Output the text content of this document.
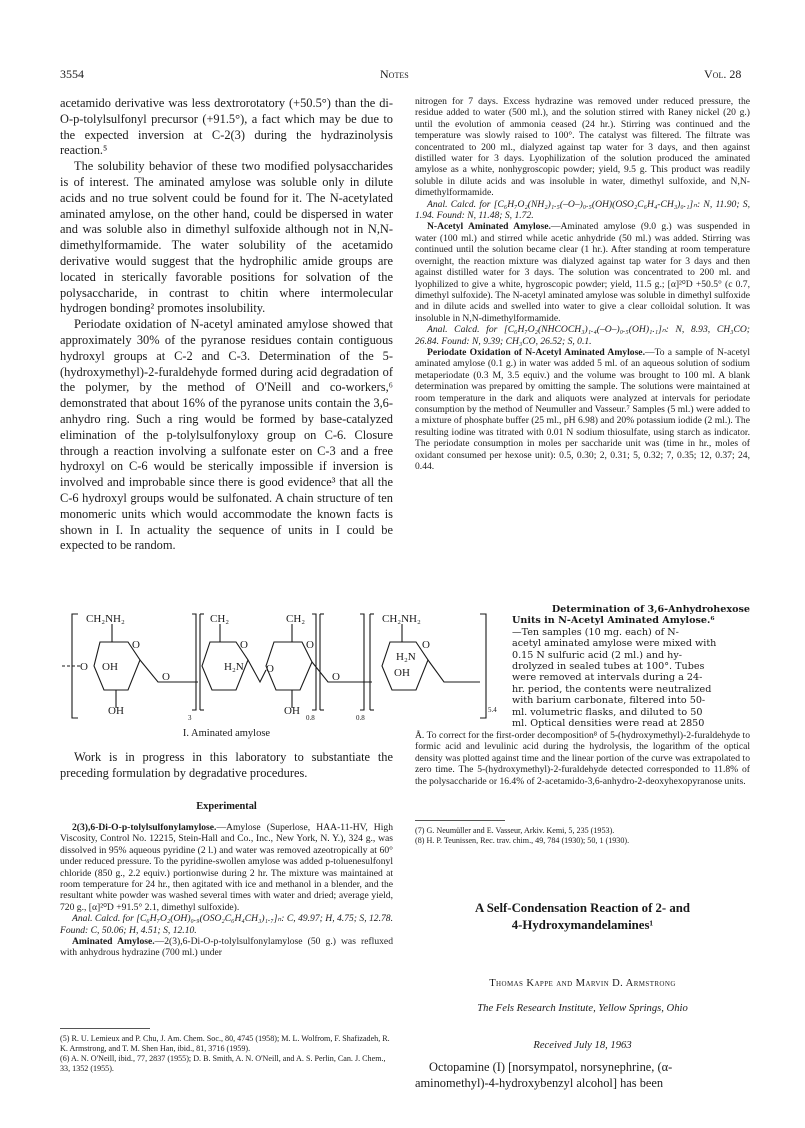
3554	Notes	Vol. 28

acetamido derivative was less dextrorotatory (+50.5°) than the di-O-p-tolylsulfonyl precursor (+91.5°), a fact which may be due to the expected inversion at C-2(3) during the hydrazinolysis reaction.⁵

The solubility behavior of these two modified polysaccharides is of interest. The aminated amylose was soluble only in dilute acids and no true solvent could be found for it. The N-acetylated aminated amylose, on the other hand, could be dispersed in water and was soluble also in dimethyl sulfoxide although not in N,N-dimethylformamide. The water solubility of the acetamido derivative would suggest that the hydrophilic amide groups are located in sterically favorable positions for solvation of the polysaccharide, in contrast to chitin where intermolecular hydrogen bonding² promotes insolubility.

Periodate oxidation of N-acetyl aminated amylose showed that approximately 30% of the pyranose residues contain contiguous hydroxyl groups at C-2 and C-3. Determination of the 5-(hydroxymethyl)-2-furaldehyde formed during acid degradation of the polymer, by the method of O'Neill and co-workers,⁶ demonstrated that about 16% of the pyranose units contain the 3,6-anhydro ring. Such a ring would be formed by base-catalyzed elimination of the p-tolylsulfonyloxy group on C-6. Closure through a reaction involving a sulfonate ester on C-3 and a free hydroxyl on C-6 would be sterically impossible if inversion is involved and improbable since there is good evidence³ that all the C-6 hydroxyl groups would be sulfonated. A chain structure of ten monomeric units which would accommodate the known facts is shown in I. In actuality the sequence of units in I could be expected to be random.

CH₂NH₂	CH₂	CH₂	CH₂NH₂
O	O	O	O
O OH	H₂N O
H₂N
OH
O	O
OH	OH
3	0.8	0.8
5.4
I. Aminated amylose

Work is in progress in this laboratory to substantiate the preceding formulation by degradative procedures.

Experimental

2(3),6-Di-O-p-tolylsulfonylamylose.—Amylose (Superlose, HAA-11-HV, High Viscosity, Control No. 12215, Stein-Hall and Co., Inc., New York, N. Y.), 324 g., was dissolved in 95% aqueous pyridine (2 l.) and water was removed azeotropically at 60° under reduced pressure. To the pyridine-swollen amylose was added p-toluenesulfonyl chloride (850 g., 2.2 equiv.) portionwise during 2 hr. The mixture was maintained at room temperature for 24 hr., then agitated with ice and methanol in a blender, and the resultant white powder was washed several times with water and dried; average yield, 720 g., [α]²⁰D +91.5° 2.1, dimethyl sulfoxide).

Anal. Calcd. for [C₆H₇O₂(OH)₀.₉(OSO₂C₆H₄CH₃)₁.₇]ₙ: C, 49.97; H, 4.75; S, 12.78. Found: C, 50.06; H, 4.51; S, 12.10.

Aminated Amylose.—2(3),6-Di-O-p-tolylsulfonylamylose (50 g.) was refluxed with anhydrous hydrazine (700 ml.) under

(5) R. U. Lemieux and P. Chu, J. Am. Chem. Soc., 80, 4745 (1958); M. L. Wolfrom, F. Shafizadeh, R. K. Armstrong, and T. M. Shen Han, ibid., 81, 3716 (1959).

(6) A. N. O'Neill, ibid., 77, 2837 (1955); D. B. Smith, A. N. O'Neill, and A. S. Perlin, Can. J. Chem., 33, 1352 (1955).

nitrogen for 7 days. Excess hydrazine was removed under reduced pressure, the residue added to water (500 ml.), and the solution stirred with Raney nickel (20 g.) until the evolution of ammonia ceased (24 hr.). Stirring was continued and the temperature was slowly raised to 100°. The catalyst was filtered. The filtrate was concentrated to 200 ml., dialyzed against tap water for 3 days, and then against distilled water for 3 days. Lyophilization of the solution produced the aminated amylose as a white, nonhygroscopic powder; yield, 9.5 g. This product was readily soluble in dilute acids and was insoluble in water, dimethyl sulfoxide, and N,N-dimethylformamide.

Anal. Calcd. for [C₆H₇O₂(NH₂)₁.₅(–O–)₀.₅(OH)(OSO₂C₆H₄-CH₃)₀.₁]ₙ: N, 11.90; S, 1.94. Found: N, 11.48; S, 1.72.

N-Acetyl Aminated Amylose.—Aminated amylose (9.0 g.) was suspended in water (100 ml.) and stirred while acetic anhydride (50 ml.) was added. Stirring was continued until the solution became clear (1 hr.). After standing at room temperature overnight, the reaction mixture was dialyzed against tap water for 3 days and then against distilled water for 3 days. The solution was concentrated to 200 ml. and lyophilized to give a white, hygroscopic powder; yield, 11.5 g.; [α]²⁰D +50.5° (c 0.7, dimethyl sulfoxide). The N-acetyl aminated amylose was soluble in dimethyl sulfoxide and in dilute acids and swelled into water to give a clear colloidal solution. It was insoluble in N,N-dimethylformamide.

Anal. Calcd. for [C₆H₇O₂(NHCOCH₃)₁.₄(–O–)₀.₅(OH)₁.₁]ₙ: N, 8.93, CH₃CO; 26.84. Found: N, 9.39; CH₃CO, 26.52; S, 0.1.

Periodate Oxidation of N-Acetyl Aminated Amylose.—To a sample of N-acetyl aminated amylose (0.1 g.) in water was added 5 ml. of an aqueous solution of sodium metaperiodate (0.3 M, 3.5 equiv.) and the volume was brought to 100 ml. A blank determination was prepared by omitting the sample. The solutions were maintained at room temperature in the dark and aliquots were analyzed at intervals for periodate consumption by the method of Neumuller and Vasseur.⁷ Samples (5 ml.) were added to a mixture of phosphate buffer (25 ml., pH 6.98) and 20% potassium iodide (2 ml.). The resulting iodine was titrated with 0.01 N sodium thiosulfate, using starch as indicator. The periodate consumption in moles per saccharide unit was (time in hr., moles of oxidant consumed per hexose unit): 0.5, 0.30; 2, 0.31; 5, 0.32; 7, 0.35; 12, 0.37; 24, 0.44.

Determination of 3,6-Anhydrohexose
Units in N-Acetyl Aminated Amylose.⁶
—Ten samples (10 mg. each) of N-
acetyl aminated amylose were mixed with
0.15 N sulfuric acid (2 ml.) and hy-
drolyzed in sealed tubes at 100°. Tubes
were removed at intervals during a 24-
hr. period, the contents were neutralized
with barium carbonate, filtered into 50-
ml. volumetric flasks, and diluted to 50
ml. Optical densities were read at 2850

Å. To correct for the first-order decomposition⁸ of 5-(hydroxymethyl)-2-furaldehyde to formic acid and levulinic acid during the hydrolysis, the logarithm of the optical density was plotted against time and the linear portion of the curve was extrapolated to zero time. The 5-(hydroxymethyl)-2-furaldehyde detected corresponded to 11.8% of the polysaccharide or 16.4% of 2-acetamido-3,6-anhydro-2-deoxyhexopyranose units.

(7) G. Neumüller and E. Vasseur, Arkiv. Kemi, 5, 235 (1953).

(8) H. P. Teunissen, Rec. trav. chim., 49, 784 (1930); 50, 1 (1930).

A Self-Condensation Reaction of 2- and
4-Hydroxymandelamines¹
Thomas Kappe and Marvin D. Armstrong
The Fels Research Institute, Yellow Springs, Ohio
Received July 18, 1963
Octopamine (I) [norsympatol, norsynephrine, (α-
aminomethyl)-4-hydroxybenzyl alcohol] has been
